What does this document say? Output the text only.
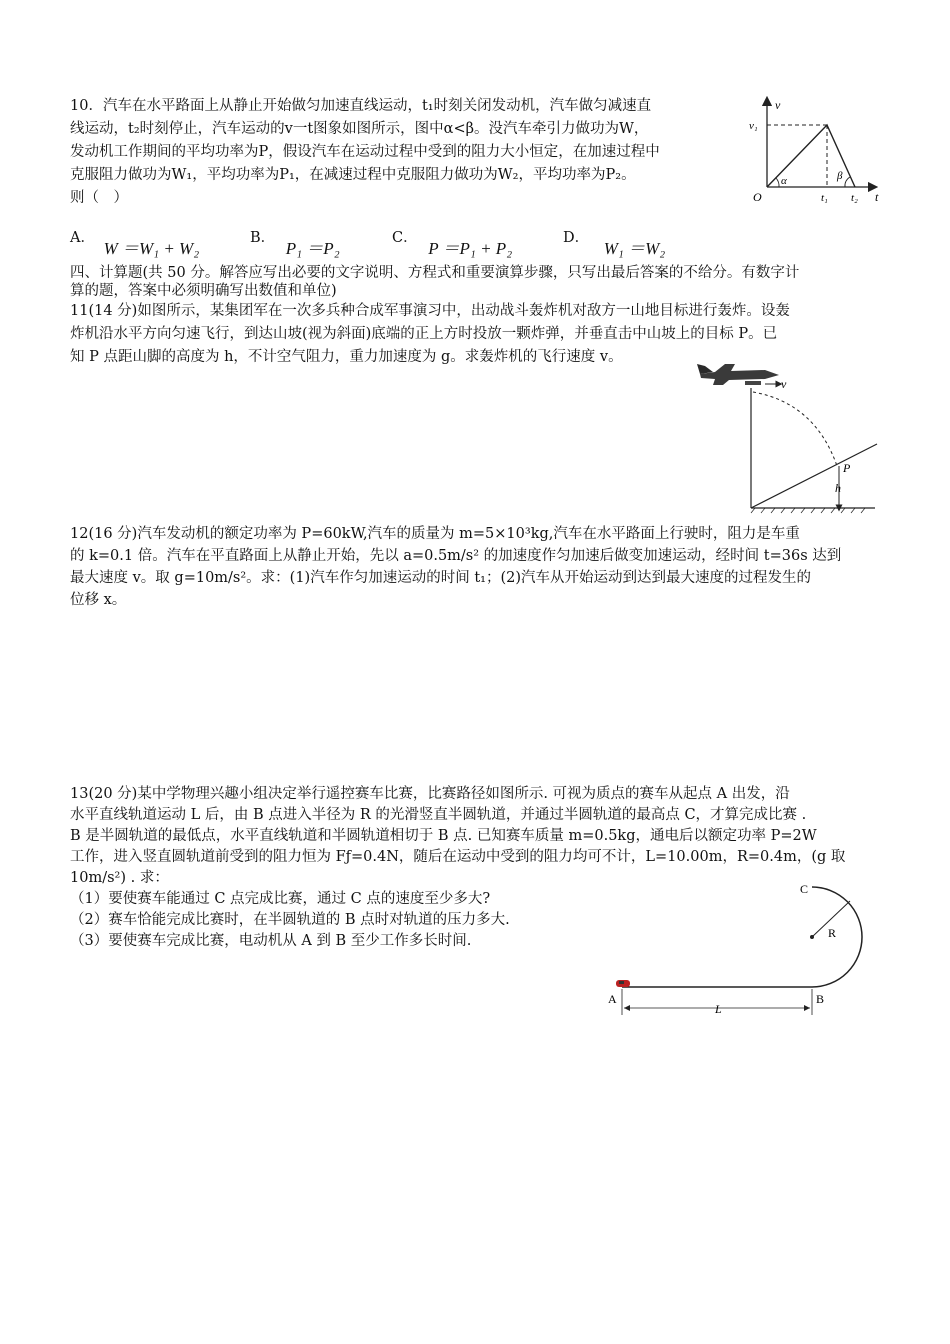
10．汽车在水平路面上从静止开始做匀加速直线运动，t₁时刻关闭发动机，汽车做匀减速直
线运动，t₂时刻停止，汽车运动的v一t图象如图所示，图中α<β。没汽车牵引力做功为W，
发动机工作期间的平均功率为P，假设汽车在运动过程中受到的阻力大小恒定，在加速过程中
克服阻力做功为W₁，平均功率为P₁，在减速过程中克服阻力做功为W₂，平均功率为P₂。
则（　）
A． W ＝W₁ + W₂
B． P₁ ＝P₂
C． P ＝P₁ + P₂
D． W₁ ＝W₂
v
t
O
v₁
t₁ t₂
α	β
四、计算题(共 50 分。解答应写出必要的文字说明、方程式和重要演算步骤，只写出最后答案的不给分。有数字计
算的题，答案中必须明确写出数值和单位)
11(14 分)如图所示，某集团军在一次多兵种合成军事演习中，出动战斗轰炸机对敌方一山地目标进行轰炸。设轰
炸机沿水平方向匀速飞行，到达山坡(视为斜面)底端的正上方时投放一颗炸弹，并垂直击中山坡上的目标 P。已
知 P 点距山脚的高度为 h，不计空气阻力，重力加速度为 g。求轰炸机的飞行速度 v。
v
P
h
12(16 分)汽车发动机的额定功率为 P=60kW,汽车的质量为 m=5×10³kg,汽车在水平路面上行驶时，阻力是车重
的 k=0.1 倍。汽车在平直路面上从静止开始，先以 a=0.5m/s² 的加速度作匀加速后做变加速运动，经时间 t=36s 达到
最大速度 v。取 g=10m/s²。求：(1)汽车作匀加速运动的时间 t₁；(2)汽车从开始运动到达到最大速度的过程发生的
位移 x。
13(20 分)某中学物理兴趣小组决定举行遥控赛车比赛，比赛路径如图所示. 可视为质点的赛车从起点 A 出发，沿
水平直线轨道运动 L 后，由 B 点进入半径为 R 的光滑竖直半圆轨道，并通过半圆轨道的最高点 C，才算完成比赛 .
B 是半圆轨道的最低点，水平直线轨道和半圆轨道相切于 B 点. 已知赛车质量 m=0.5kg，通电后以额定功率 P=2W
工作，进入竖直圆轨道前受到的阻力恒为 Fƒ=0.4N，随后在运动中受到的阻力均可不计，L=10.00m，R=0.4m，(g 取
10m/s²) . 求：
（1）要使赛车能通过 C 点完成比赛，通过 C 点的速度至少多大?
（2）赛车恰能完成比赛时，在半圆轨道的 B 点时对轨道的压力多大.
（3）要使赛车完成比赛，电动机从 A 到 B 至少工作多长时间.
C
R
A	B
L
